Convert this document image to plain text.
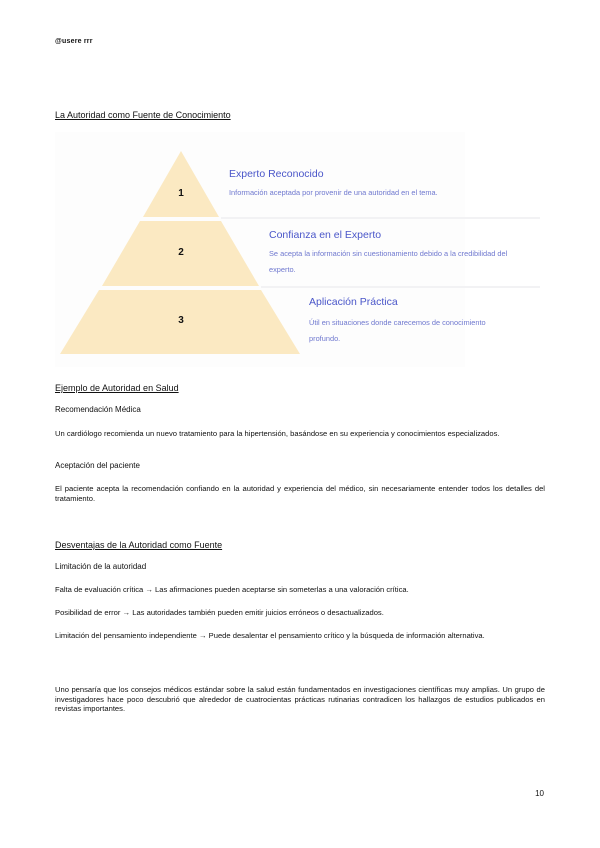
@usere rrr
La Autoridad como Fuente de Conocimiento
1
Experto Reconocido
Información aceptada por provenir de una autoridad en el tema.
2
Confianza en el Experto
Se acepta la información sin cuestionamiento debido a la credibilidad del experto.
3
Aplicación Práctica
Útil en situaciones donde carecemos de conocimiento profundo.
Ejemplo de Autoridad en Salud
Recomendación Médica
Un cardiólogo recomienda un nuevo tratamiento para la hipertensión, basándose en su experiencia y conocimientos especializados.
Aceptación del paciente
El paciente acepta la recomendación confiando en la autoridad y experiencia del médico, sin necesariamente entender todos los detalles del tratamiento.
Desventajas de la Autoridad como Fuente
Limitación de la autoridad
Falta de evaluación crítica → Las afirmaciones pueden aceptarse sin someterlas a una valoración crítica.
Posibilidad de error → Las autoridades también pueden emitir juicios erróneos o desactualizados.
Limitación del pensamiento independiente → Puede desalentar el pensamiento crítico y la búsqueda de información alternativa.
Uno pensaría que los consejos médicos estándar sobre la salud están fundamentados en investigaciones científicas muy amplias. Un grupo de investigadores hace poco descubrió que alrededor de cuatrocientas prácticas rutinarias contradicen los hallazgos de estudios publicados en revistas importantes.
10
